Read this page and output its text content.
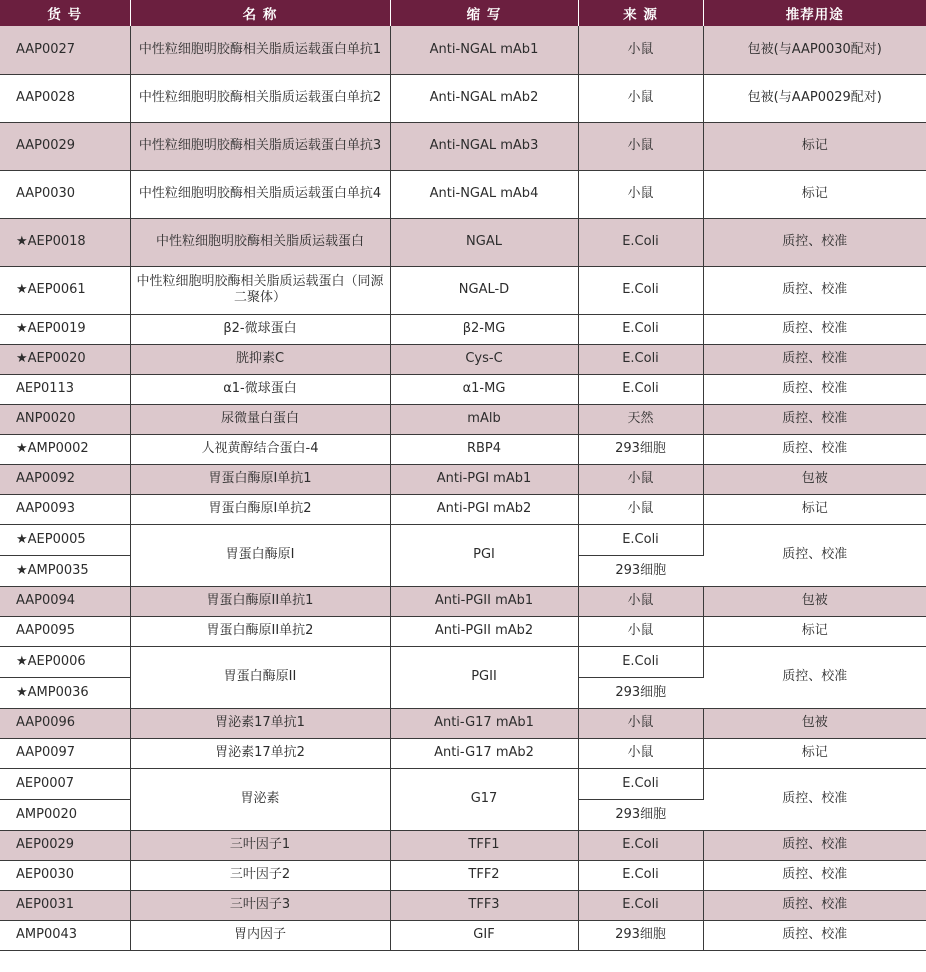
货 号	名 称	缩 写	来 源	推荐用途
AAP0027	中性粒细胞明胶酶相关脂质运载蛋白单抗1	Anti-NGAL mAb1	小鼠	包被(与AAP0030配对)
AAP0028	中性粒细胞明胶酶相关脂质运载蛋白单抗2	Anti-NGAL mAb2	小鼠	包被(与AAP0029配对)
AAP0029	中性粒细胞明胶酶相关脂质运载蛋白单抗3	Anti-NGAL mAb3	小鼠	标记
AAP0030	中性粒细胞明胶酶相关脂质运载蛋白单抗4	Anti-NGAL mAb4	小鼠	标记
★AEP0018	中性粒细胞明胶酶相关脂质运载蛋白	NGAL	E.Coli	质控、校准
★AEP0061	中性粒细胞明胶酶相关脂质运载蛋白（同源二聚体）	NGAL-D	E.Coli	质控、校准
★AEP0019	β2-微球蛋白	β2-MG	E.Coli	质控、校准
★AEP0020	胱抑素C	Cys-C	E.Coli	质控、校准
AEP0113	α1-微球蛋白	α1-MG	E.Coli	质控、校准
ANP0020	尿微量白蛋白	mAlb	天然	质控、校准
★AMP0002	人视黄醇结合蛋白-4	RBP4	293细胞	质控、校准
AAP0092	胃蛋白酶原I单抗1	Anti-PGI mAb1	小鼠	包被
AAP0093	胃蛋白酶原I单抗2	Anti-PGI mAb2	小鼠	标记
★AEP0005	胃蛋白酶原I	PGI	E.Coli	质控、校准
★AMP0035			293细胞	
AAP0094	胃蛋白酶原II单抗1	Anti-PGII mAb1	小鼠	包被
AAP0095	胃蛋白酶原II单抗2	Anti-PGII mAb2	小鼠	标记
★AEP0006	胃蛋白酶原II	PGII	E.Coli	质控、校准
★AMP0036			293细胞	
AAP0096	胃泌素17单抗1	Anti-G17 mAb1	小鼠	包被
AAP0097	胃泌素17单抗2	Anti-G17 mAb2	小鼠	标记
AEP0007	胃泌素	G17	E.Coli	质控、校准
AMP0020			293细胞	
AEP0029	三叶因子1	TFF1	E.Coli	质控、校准
AEP0030	三叶因子2	TFF2	E.Coli	质控、校准
AEP0031	三叶因子3	TFF3	E.Coli	质控、校准
AMP0043	胃内因子	GIF	293细胞	质控、校准
